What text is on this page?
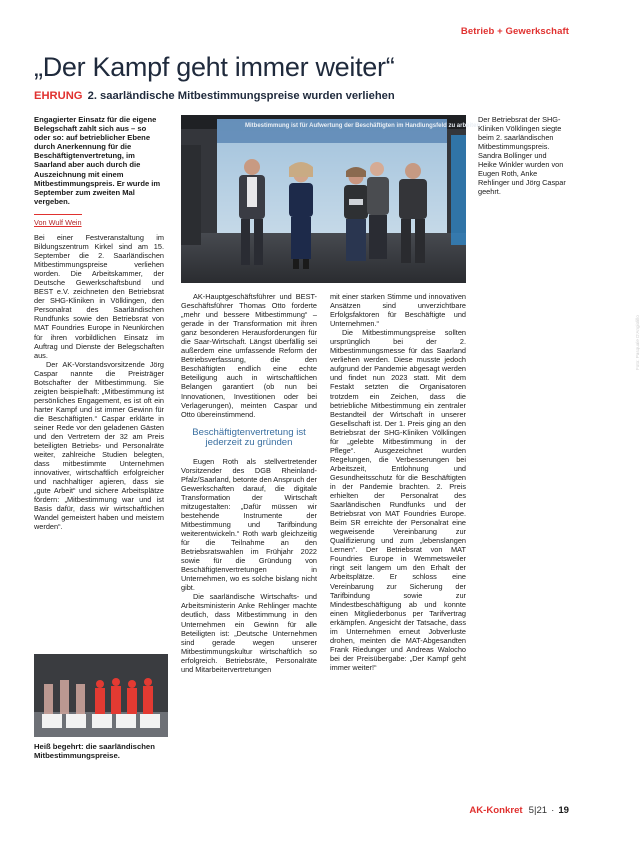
Betrieb + Gewerkschaft
„Der Kampf geht immer weiter“
EHRUNG 2. saarländische Mitbestimmungspreise wurden verliehen

Engagierter Einsatz für die eigene Belegschaft zahlt sich aus – so oder so: auf betrieblicher Ebene durch Anerkennung für die Beschäftigtenvertretung, im Saarland aber auch durch die Auszeichnung mit einem Mitbestimmungspreis. Er wurde im September zum zweiten Mal vergeben.

Von Wulf Wein

Bei einer Festveranstaltung im Bildungszentrum Kirkel sind am 15. September die 2. Saarländischen Mitbestimmungspreise verliehen worden. Die Arbeitskammer, der Deutsche Gewerkschaftsbund und BEST e.V. zeichneten den Betriebsrat der SHG-Kliniken in Völklingen, den Personalrat des Saarländischen Rundfunks sowie den Betriebsrat von MAT Foundries Europe in Neunkirchen für ihren vorbildlichen Einsatz im Auftrag und Dienste der Belegschaften aus.

Der AK-Vorstandsvorsitzende Jörg Caspar nannte die Preisträger Botschafter der Mitbestimmung. Sie zeigten beispielhaft: „Mitbestimmung ist persönliches Engagement, es ist oft ein harter Kampf und ist immer Gewinn für die Beschäftigten.“ Caspar erklärte in seiner Rede vor den geladenen Gästen und den Vertretern der 32 am Preis beteiligten Betriebs- und Personalräte weiter, zahlreiche Studien belegten, dass mitbestimmte Unternehmen innovativer, wirtschaftlich erfolgreicher und nachhaltiger agieren, dass sie „gute Arbeit“ und sichere Arbeitsplätze fördern: „Mitbestimmung war und ist Basis dafür, dass wir wirtschaftlichen Wandel gemeistert haben und meistern werden“.

Mitbestimmung ist für Aufwertung der Beschäftigten im Handlungsfeld zu arbeiten
Foto: Pasquale D'Angiolillo
Der Betriebsrat der SHG-Kliniken Völklingen siegte beim 2. saarländischen Mitbestimmungspreis. Sandra Bollinger und Heike Winkler wurden von Eugen Roth, Anke Rehlinger und Jörg Caspar geehrt.

AK-Hauptgeschäftsführer und BEST-Geschäftsführer Thomas Otto forderte „mehr und bessere Mitbestimmung“ – gerade in der Transformation mit ihren ganz besonderen Herausforderungen für die Saar-Wirtschaft. Längst überfällig sei außerdem eine umfassende Reform der Betriebsverfassung, die den Beschäftigten endlich eine echte Beteiligung auch in wirtschaftlichen Belangen garantiert (ob nun bei Innovationen, Investitionen oder bei Verlagerungen), meinten Caspar und Otto übereinstimmend.

Beschäftigtenvertretung ist jederzeit zu gründen

Eugen Roth als stellvertretender Vorsitzender des DGB Rheinland-Pfalz/Saarland, betonte den Anspruch der Gewerkschaften darauf, die digitale Transformation der Wirtschaft mitzugestalten: „Dafür müssen wir bestehende Instrumente der Mitbestimmung und Tarifbindung weiterentwickeln.“ Roth warb gleichzeitig für die Teilnahme an den Betriebsratswahlen im Frühjahr 2022 sowie für die Gründung von Beschäftigtenvertretungen in Unternehmen, wo es solche bislang nicht gibt.

Die saarländische Wirtschafts- und Arbeitsministerin Anke Rehlinger machte deutlich, dass Mitbestimmung in den Unternehmen ein Gewinn für alle Beteiligten ist: „Deutsche Unternehmen sind gerade wegen unserer Mitbestimmungskultur wirtschaftlich so erfolgreich. Betriebsräte, Personalräte und Mitarbeitervertretungen

mit einer starken Stimme und innovativen Ansätzen sind unverzichtbare Erfolgsfaktoren für Beschäftigte und Unternehmen.“

Die Mitbestimmungspreise sollten ursprünglich bei der 2. Mitbestimmungsmesse für das Saarland verliehen werden. Diese musste jedoch aufgrund der Pandemie abgesagt werden und findet nun 2023 statt. Mit dem Festakt setzten die Organisatoren trotzdem ein Zeichen, dass die betriebliche Mitbestimmung ein zentraler Bestandteil der Wirtschaft in unserer Gesellschaft ist. Der 1. Preis ging an den Betriebsrat der SHG-Kliniken Völklingen für „gelebte Mitbestimmung in der Pflege“. Ausgezeichnet wurden Regelungen, die Verbesserungen bei Arbeitszeit, Entlohnung und Gesundheitsschutz für die Beschäftigten in der Pandemie brachten. 2. Preis erhielten der Personalrat des Saarländischen Rundfunks und der Betriebsrat von MAT Foundries Europe. Beim SR erreichte der Personalrat eine wegweisende Vereinbarung zur Qualifizierung und zum „lebenslangen Lernen“. Der Betriebsrat von MAT Foundries Europe in Wemmetsweiler ringt seit langem um den Erhalt der Arbeitsplätze. Er schloss eine Vereinbarung zur Sicherung der Tarifbindung sowie zur Mindestbeschäftigung ab und konnte einen Mitgliederbonus per Tarifvertrag erkämpfen. Angesicht der Tatsache, dass im Unternehmen erneut Jobverluste drohen, meinten die MAT-Abgesandten Frank Riedunger und Andreas Walocho bei der Preisübergabe: „Der Kampf geht immer weiter!“

Heiß begehrt: die saarländischen Mitbestimmungspreise.
AK-Konkret 5|21 · 19
